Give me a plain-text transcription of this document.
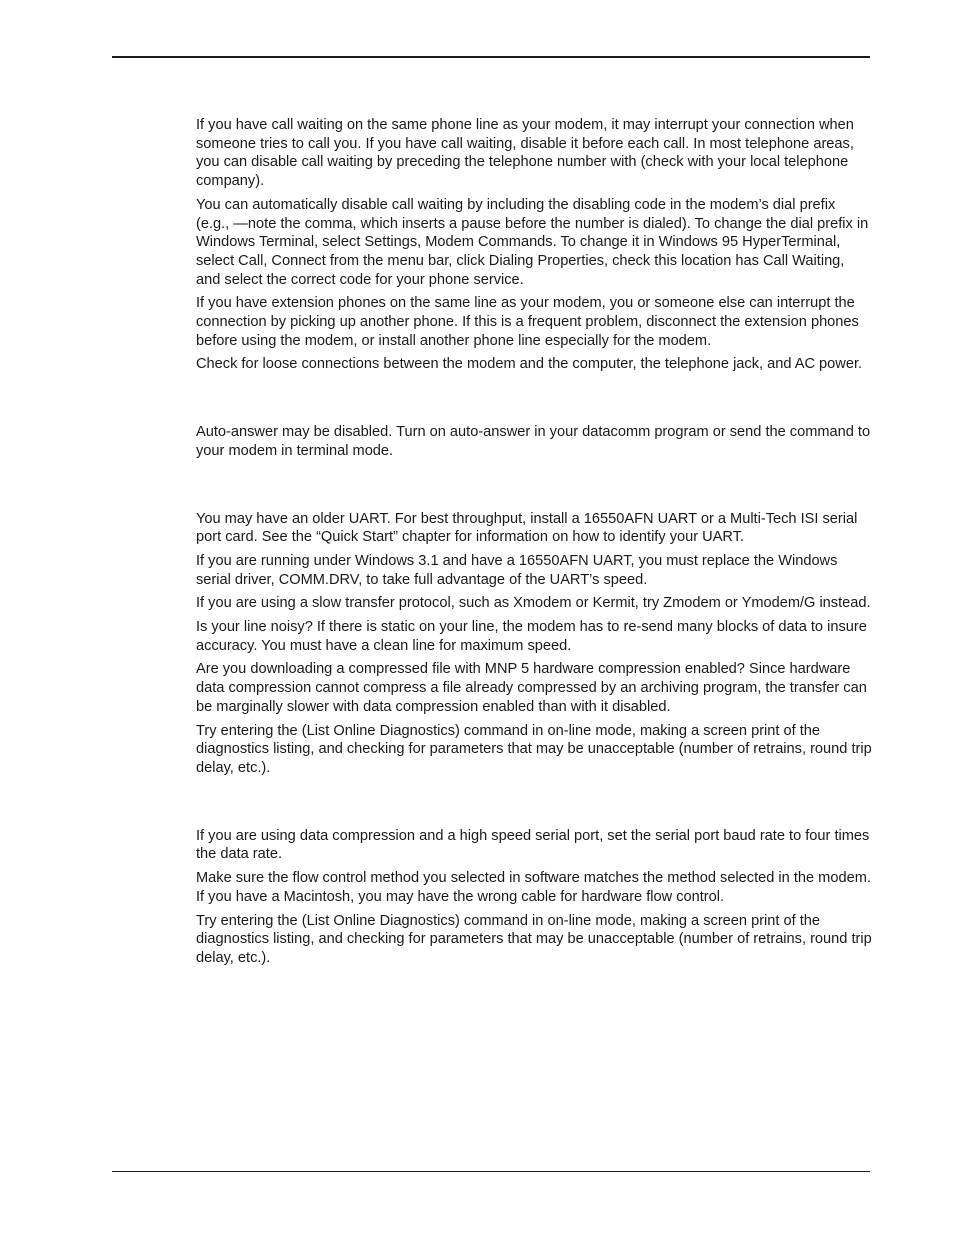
If you have call waiting on the same phone line as your modem, it may interrupt your connection when someone tries to call you. If you have call waiting, disable it before each call. In most telephone areas, you can disable call waiting by preceding the telephone number with (check with your local telephone company).

You can automatically disable call waiting by including the disabling code in the modem’s dial prefix (e.g., —note the comma, which inserts a pause before the number is dialed). To change the dial prefix in Windows Terminal, select Settings, Modem Commands. To change it in Windows 95 HyperTerminal, select Call, Connect from the menu bar, click Dialing Properties, check this location has Call Waiting, and select the correct code for your phone service.

If you have extension phones on the same line as your modem, you or someone else can interrupt the connection by picking up another phone. If this is a frequent problem, disconnect the extension phones before using the modem, or install another phone line especially for the modem.

Check for loose connections between the modem and the computer, the telephone jack, and AC power.

Auto-answer may be disabled. Turn on auto-answer in your datacomm program or send the command to your modem in terminal mode.

You may have an older UART. For best throughput, install a 16550AFN UART or a Multi-Tech ISI serial port card. See the “Quick Start” chapter for information on how to identify your UART.

If you are running under Windows 3.1 and have a 16550AFN UART, you must replace the Windows serial driver, COMM.DRV, to take full advantage of the UART’s speed.

If you are using a slow transfer protocol, such as Xmodem or Kermit, try Zmodem or Ymodem/G instead.

Is your line noisy? If there is static on your line, the modem has to re-send many blocks of data to insure accuracy. You must have a clean line for maximum speed.

Are you downloading a compressed file with MNP 5 hardware compression enabled? Since hardware data compression cannot compress a file already compressed by an archiving program, the transfer can be marginally slower with data compression enabled than with it disabled.

Try entering the (List Online Diagnostics) command in on-line mode, making a screen print of the diagnostics listing, and checking for parameters that may be unacceptable (number of retrains, round trip delay, etc.).

If you are using data compression and a high speed serial port, set the serial port baud rate to four times the data rate.

Make sure the flow control method you selected in software matches the method selected in the modem. If you have a Macintosh, you may have the wrong cable for hardware flow control.

Try entering the (List Online Diagnostics) command in on-line mode, making a screen print of the diagnostics listing, and checking for parameters that may be unacceptable (number of retrains, round trip delay, etc.).
